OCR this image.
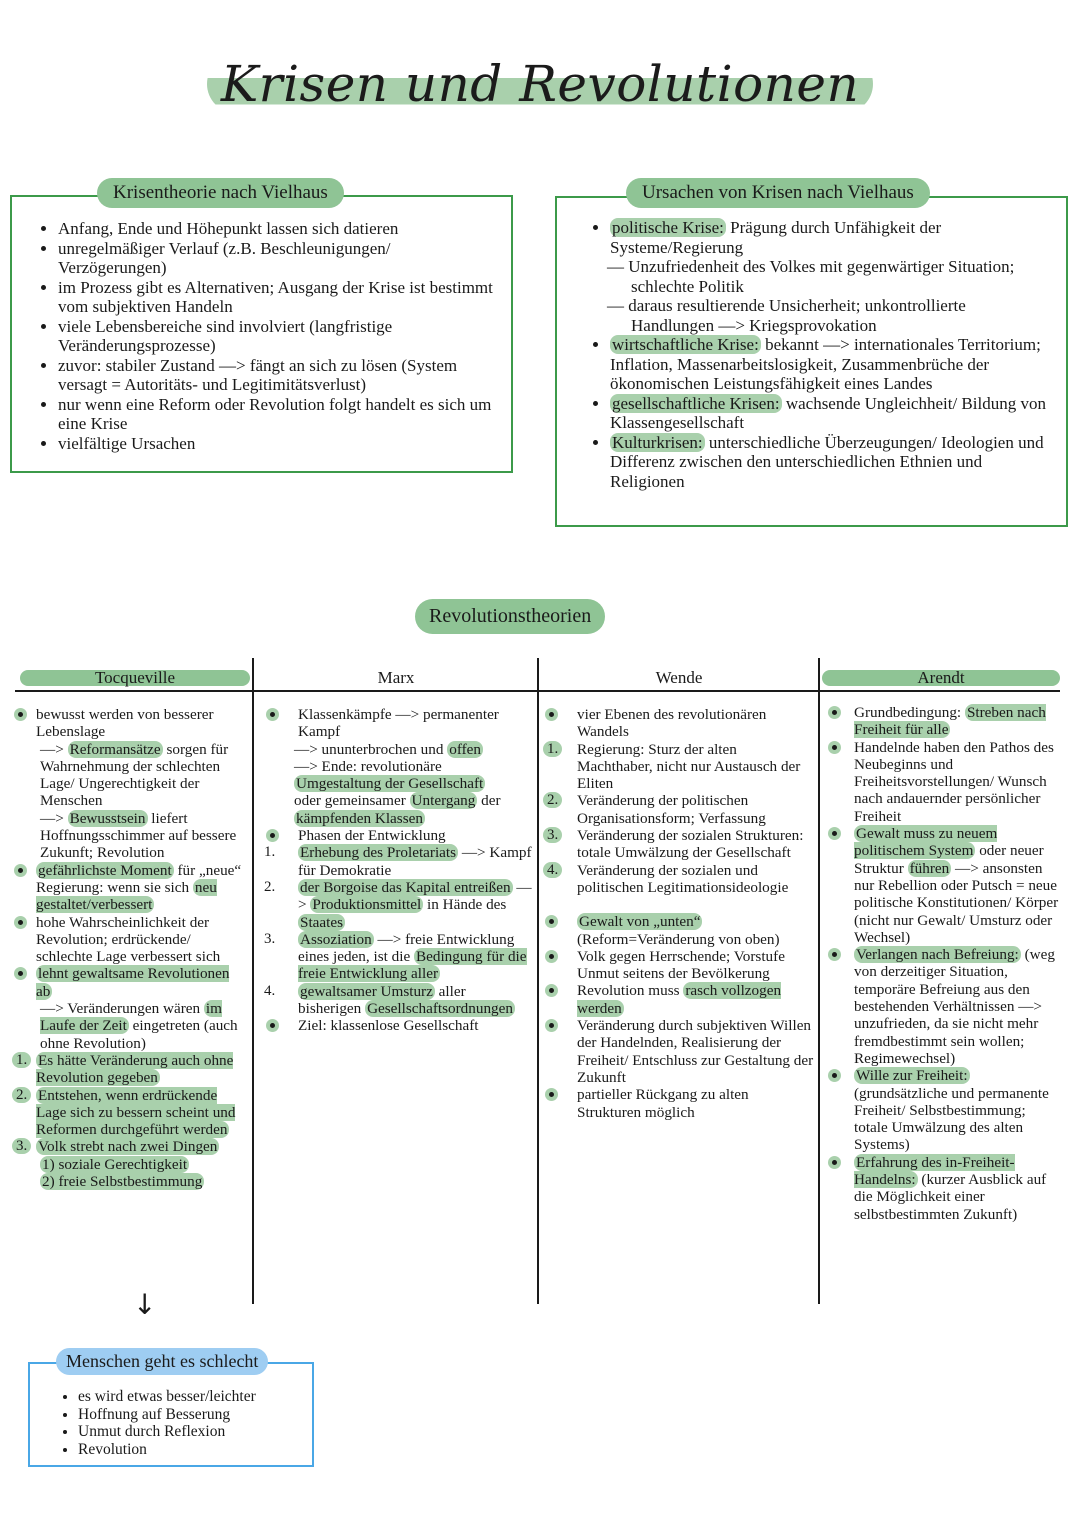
Krisen und Revolutionen
• Anfang, Ende und Höhepunkt lassen sich datieren
• unregelmäßiger Verlauf (z.B. Beschleunigungen/ Verzögerungen)
• im Prozess gibt es Alternativen; Ausgang der Krise ist bestimmt vom subjektiven Handeln
• viele Lebensbereiche sind involviert (langfristige Veränderungsprozesse)
• zuvor: stabiler Zustand —> fängt an sich zu lösen (System versagt = Autoritäts- und Legitimitätsverlust)
• nur wenn eine Reform oder Revolution folgt handelt es sich um eine Krise
• vielfältige Ursachen
Krisentheorie nach Vielhaus
• politische Krise: Prägung durch Unfähigkeit der Systeme/Regierung
— Unzufriedenheit des Volkes mit gegenwärtiger Situation; schlechte Politik
— daraus resultierende Unsicherheit; unkontrollierte Handlungen —> Kriegsprovokation
• wirtschaftliche Krise: bekannt —> internationales Territorium; Inflation, Massenarbeitslosigkeit, Zusammenbrüche der ökonomischen Leistungsfähigkeit eines Landes
• gesellschaftliche Krisen: wachsende Ungleichheit/ Bildung von Klassengesellschaft
• Kulturkrisen: unterschiedliche Überzeugungen/ Ideologien und Differenz zwischen den unterschiedlichen Ethnien und Religionen
Ursachen von Krisen nach Vielhaus
Revolutionstheorien
Tocqueville	Marx	Wende	Arendt
bewusst werden von besserer Lebenslage
—> Reformansätze sorgen für Wahrnehmung der schlechten Lage/ Ungerechtigkeit der Menschen
—> Bewusstsein liefert Hoffnungsschimmer auf bessere Zukunft; Revolution
gefährlichste Moment für „neue“ Regierung: wenn sie sich neu gestaltet/verbessert
hohe Wahrscheinlichkeit der Revolution; erdrückende/ schlechte Lage verbessert sich
lehnt gewaltsame Revolutionen ab
—> Veränderungen wären im Laufe der Zeit eingetreten (auch ohne Revolution)
1. Es hätte Veränderung auch ohne Revolution gegeben
2. Entstehen, wenn erdrückende Lage sich zu bessern scheint und Reformen durchgeführt werden
3. Volk strebt nach zwei Dingen
1) soziale Gerechtigkeit
2) freie Selbstbestimmung
Klassenkämpfe —> permanenter Kampf
—> ununterbrochen und offen
—> Ende: revolutionäre Umgestaltung der Gesellschaft
oder gemeinsamer Untergang der kämpfenden Klassen
Phasen der Entwicklung
1. Erhebung des Proletariats —> Kampf für Demokratie
2. der Borgoise das Kapital entreißen —> Produktionsmittel in Hände des Staates
3. Assoziation —> freie Entwicklung eines jeden, ist die Bedingung für die freie Entwicklung aller
4. gewaltsamer Umsturz aller bisherigen Gesellschaftsordnungen
Ziel: klassenlose Gesellschaft
vier Ebenen des revolutionären Wandels
1. Regierung: Sturz der alten Machthaber, nicht nur Austausch der Eliten
2. Veränderung der politischen Organisationsform; Verfassung
3. Veränderung der sozialen Strukturen: totale Umwälzung der Gesellschaft
4. Veränderung der sozialen und politischen Legitimationsideologie
Gewalt von „unten“ (Reform=Veränderung von oben)
Volk gegen Herrschende; Vorstufe Unmut seitens der Bevölkerung
Revolution muss rasch vollzogen werden
Veränderung durch subjektiven Willen der Handelnden, Realisierung der Freiheit/ Entschluss zur Gestaltung der Zukunft
partieller Rückgang zu alten Strukturen möglich
Grundbedingung: Streben nach Freiheit für alle
Handelnde haben den Pathos des Neubeginns und Freiheitsvorstellungen/ Wunsch nach andauernder persönlicher Freiheit
Gewalt muss zu neuem politischem System oder neuer Struktur führen —> ansonsten nur Rebellion oder Putsch = neue politische Konstitutionen/ Körper (nicht nur Gewalt/ Umsturz oder Wechsel)
Verlangen nach Befreiung: (weg von derzeitiger Situation, temporäre Befreiung aus den bestehenden Verhältnissen —> unzufrieden, da sie nicht mehr fremdbestimmt sein wollen; Regimewechsel)
Wille zur Freiheit: (grundsätzliche und permanente Freiheit/ Selbstbestimmung; totale Umwälzung des alten Systems)
Erfahrung des in-Freiheit-Handelns: (kurzer Ausblick auf die Möglichkeit einer selbstbestimmten Zukunft)
↓
• es wird etwas besser/leichter
• Hoffnung auf Besserung
• Unmut durch Reflexion
• Revolution
Menschen geht es schlecht
